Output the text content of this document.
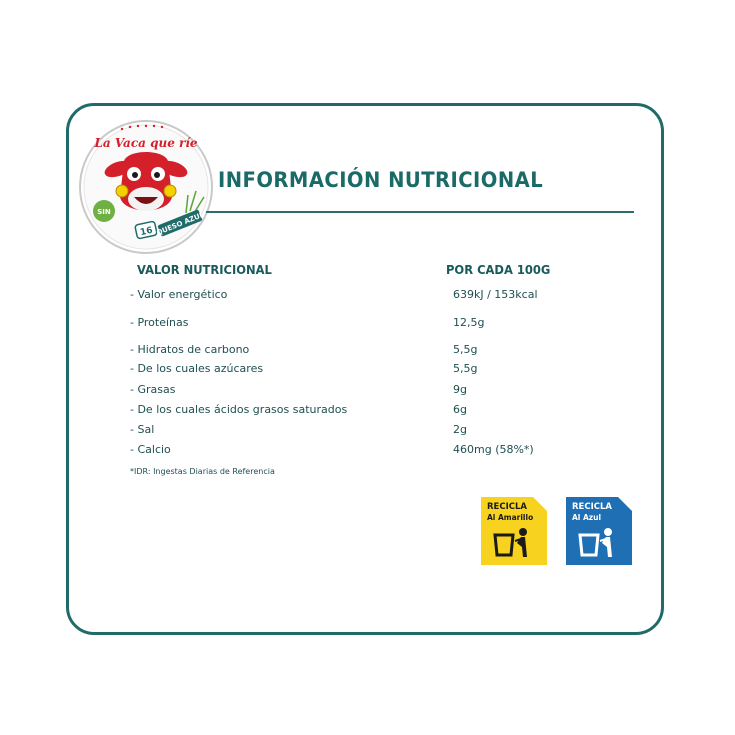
La Vaca que ríe
SIN
16 QUESO AZUL
INFORMACIÓN NUTRICIONAL
VALOR NUTRICIONAL	POR CADA 100G
- Valor energético	639kJ / 153kcal
- Proteínas	12,5g
- Hidratos de carbono	5,5g
- De los cuales azúcares	5,5g
- Grasas	9g
- De los cuales ácidos grasos saturados	6g
- Sal	2g
- Calcio	460mg (58%*)
*IDR: Ingestas Diarias de Referencia
RECICLA
Al Amarillo
RECICLA
Al Azul
